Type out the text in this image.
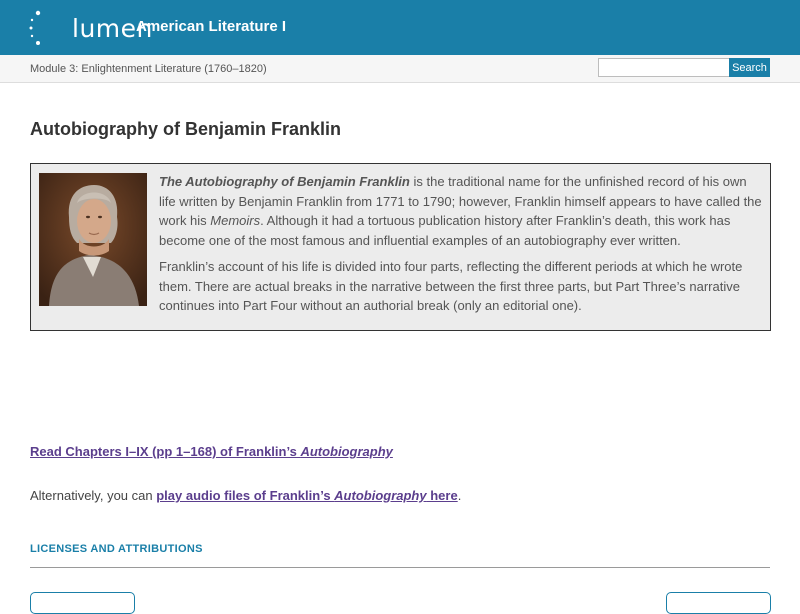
lumen
American Literature I
Module 3: Enlightenment Literature (1760–1820)	Search
Autobiography of Benjamin Franklin

The Autobiography of Benjamin Franklin is the traditional name for the unfinished record of his own life written by Benjamin Franklin from 1771 to 1790; however, Franklin himself appears to have called the work his Memoirs. Although it had a tortuous publication history after Franklin’s death, this work has become one of the most famous and influential examples of an autobiography ever written.

Franklin’s account of his life is divided into four parts, reflecting the different periods at which he wrote them. There are actual breaks in the narrative between the first three parts, but Part Three’s narrative continues into Part Four without an authorial break (only an editorial one).

Read Chapters I–IX (pp 1–168) of Franklin’s Autobiography
Alternatively, you can play audio files of Franklin’s Autobiography here.
LICENSES AND ATTRIBUTIONS
